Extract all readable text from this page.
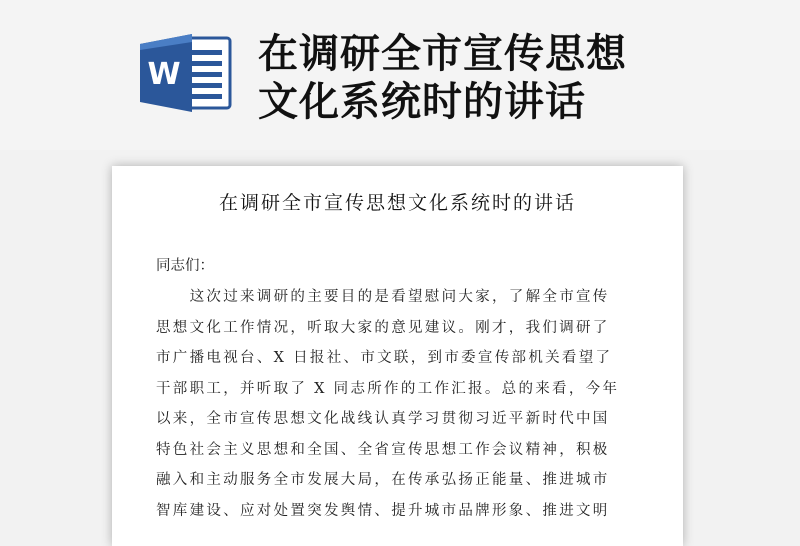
W 在调研全市宣传思想
文化系统时的讲话
在调研全市宣传思想文化系统时的讲话
同志们：
　　这次过来调研的主要目的是看望慰问大家，了解全市宣传
思想文化工作情况，听取大家的意见建议。刚才，我们调研了
市广播电视台、X 日报社、市文联，到市委宣传部机关看望了
干部职工，并听取了 X 同志所作的工作汇报。总的来看，今年
以来，全市宣传思想文化战线认真学习贯彻习近平新时代中国
特色社会主义思想和全国、全省宣传思想工作会议精神，积极
融入和主动服务全市发展大局，在传承弘扬正能量、推进城市
智库建设、应对处置突发舆情、提升城市品牌形象、推进文明
